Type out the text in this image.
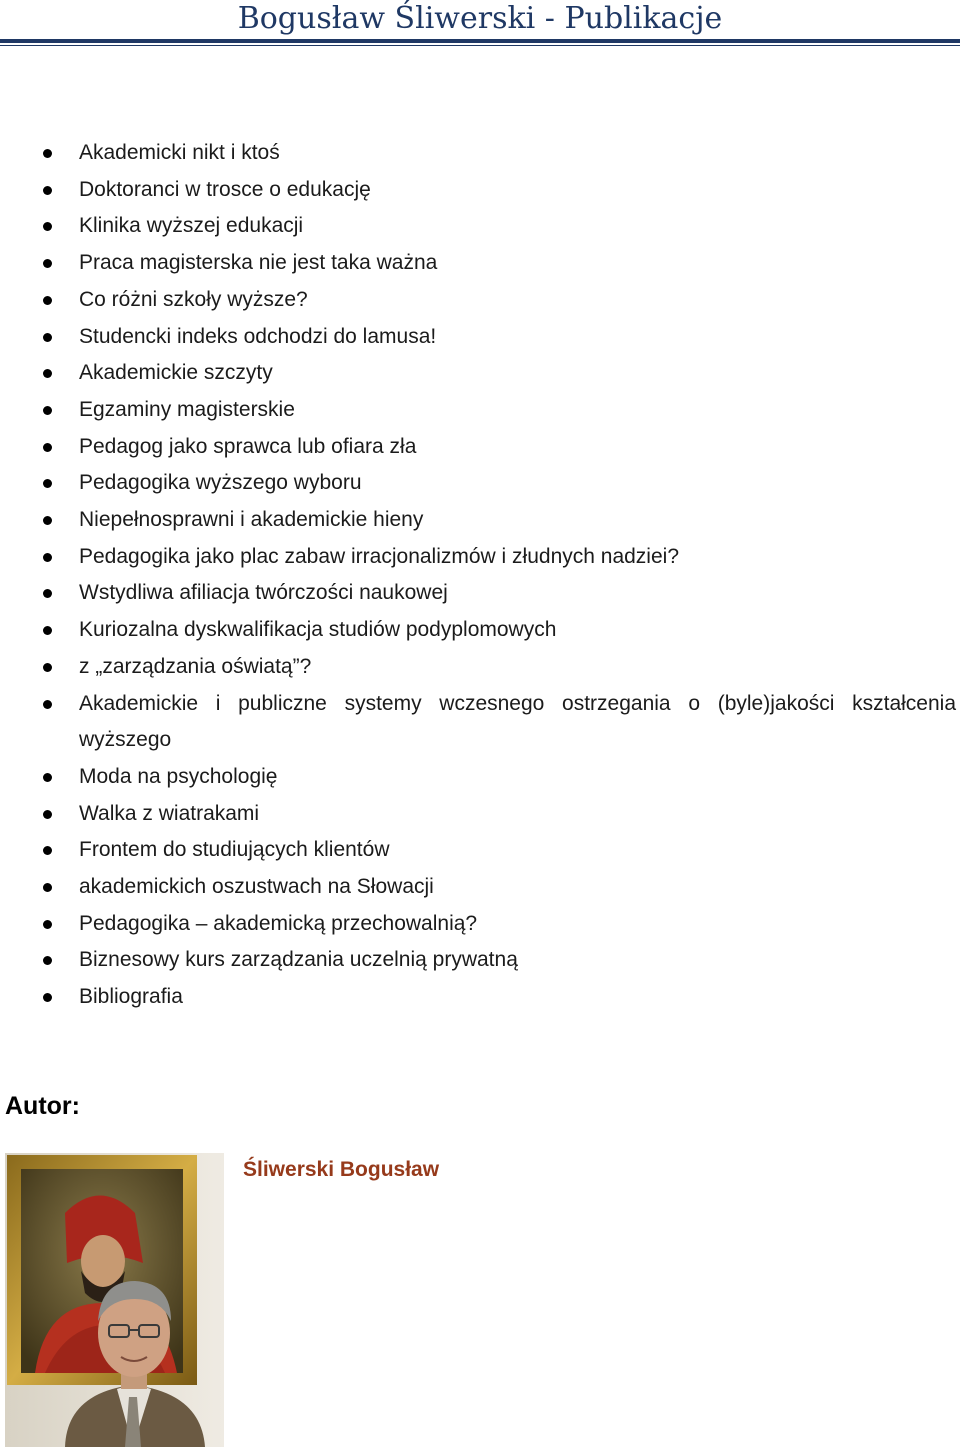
Bogusław Śliwerski - Publikacje
Akademicki nikt i ktoś
Doktoranci w trosce o edukację
Klinika wyższej edukacji
Praca magisterska nie jest taka ważna
Co różni szkoły wyższe?
Studencki indeks odchodzi do lamusa!
Akademickie szczyty
Egzaminy magisterskie
Pedagog jako sprawca lub ofiara zła
Pedagogika wyższego wyboru
Niepełnosprawni i akademickie hieny
Pedagogika jako plac zabaw irracjonalizmów i złudnych nadziei?
Wstydliwa afiliacja twórczości naukowej
Kuriozalna dyskwalifikacja studiów podyplomowych
z „zarządzania oświatą”?
Akademickie i publiczne systemy wczesnego ostrzegania o (byle)jakości kształcenia wyższego
Moda na psychologię
Walka z wiatrakami
Frontem do studiujących klientów
akademickich oszustwach na Słowacji
Pedagogika – akademicką przechowalnią?
Biznesowy kurs zarządzania uczelnią prywatną
Bibliografia
Autor:
Śliwerski Bogusław
